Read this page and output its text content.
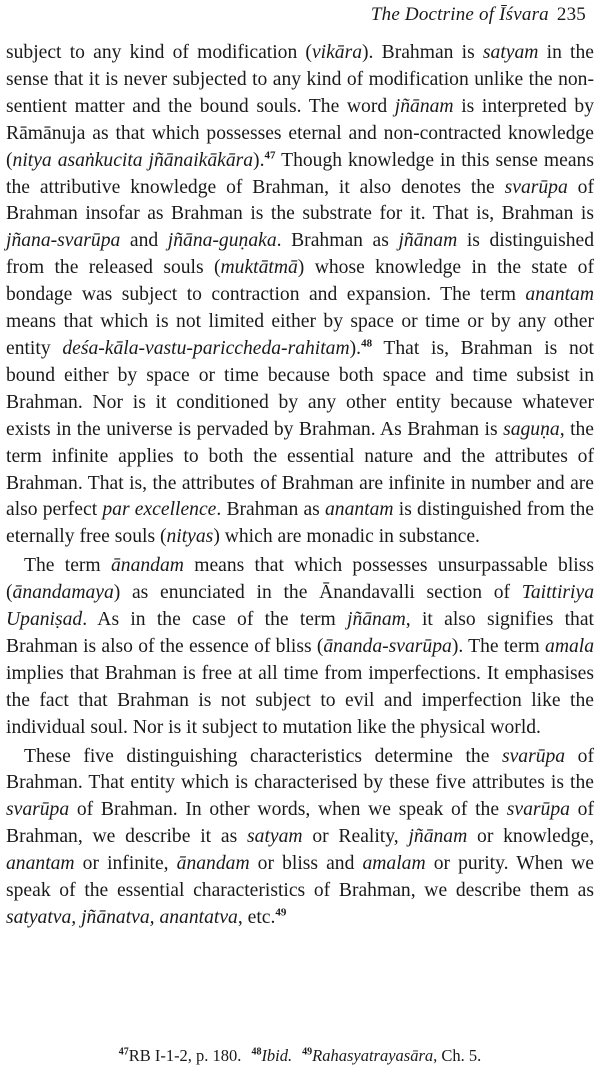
The Doctrine of Īśvara 235

subject to any kind of modification (vikāra). Brahman is satyam in the sense that it is never subjected to any kind of modification unlike the non-sentient matter and the bound souls. The word jñānam is interpreted by Rāmānuja as that which possesses eternal and non-contracted knowledge (nitya asaṅkucita jñānaikākāra).$^{47}$ Though knowledge in this sense means the attributive knowledge of Brahman, it also denotes the svarūpa of Brahman insofar as Brahman is the substrate for it. That is, Brahman is jñana-svarūpa and jñāna-guṇaka. Brahman as jñānam is distinguished from the released souls (muktātmā) whose knowledge in the state of bondage was subject to contraction and expansion. The term anantam means that which is not limited either by space or time or by any other entity deśa-kāla-vastu-pariccheda-rahitam).$^{48}$ That is, Brahman is not bound either by space or time because both space and time subsist in Brahman. Nor is it conditioned by any other entity because whatever exists in the universe is pervaded by Brahman. As Brahman is saguṇa, the term infinite applies to both the essential nature and the attributes of Brahman. That is, the attributes of Brahman are infinite in number and are also perfect par excellence. Brahman as anantam is distinguished from the eternally free souls (nityas) which are monadic in substance.

The term ānandam means that which possesses unsurpassable bliss (ānandamaya) as enunciated in the Ānandavalli section of Taittiriya Upaniṣad. As in the case of the term jñānam, it also signifies that Brahman is also of the essence of bliss (ānanda-svarūpa). The term amala implies that Brahman is free at all time from imperfections. It emphasises the fact that Brahman is not subject to evil and imperfection like the individual soul. Nor is it subject to mutation like the physical world.

These five distinguishing characteristics determine the svarūpa of Brahman. That entity which is characterised by these five attributes is the svarūpa of Brahman. In other words, when we speak of the svarūpa of Brahman, we describe it as satyam or Reality, jñānam or knowledge, anantam or infinite, ānandam or bliss and amalam or purity. When we speak of the essential characteristics of Brahman, we describe them as satyatva, jñānatva, anantatva, etc.$^{49}$

$^{47}$RB I-1-2, p. 180. $^{48}$Ibid. $^{49}$Rahasyatrayasāra, Ch. 5.
